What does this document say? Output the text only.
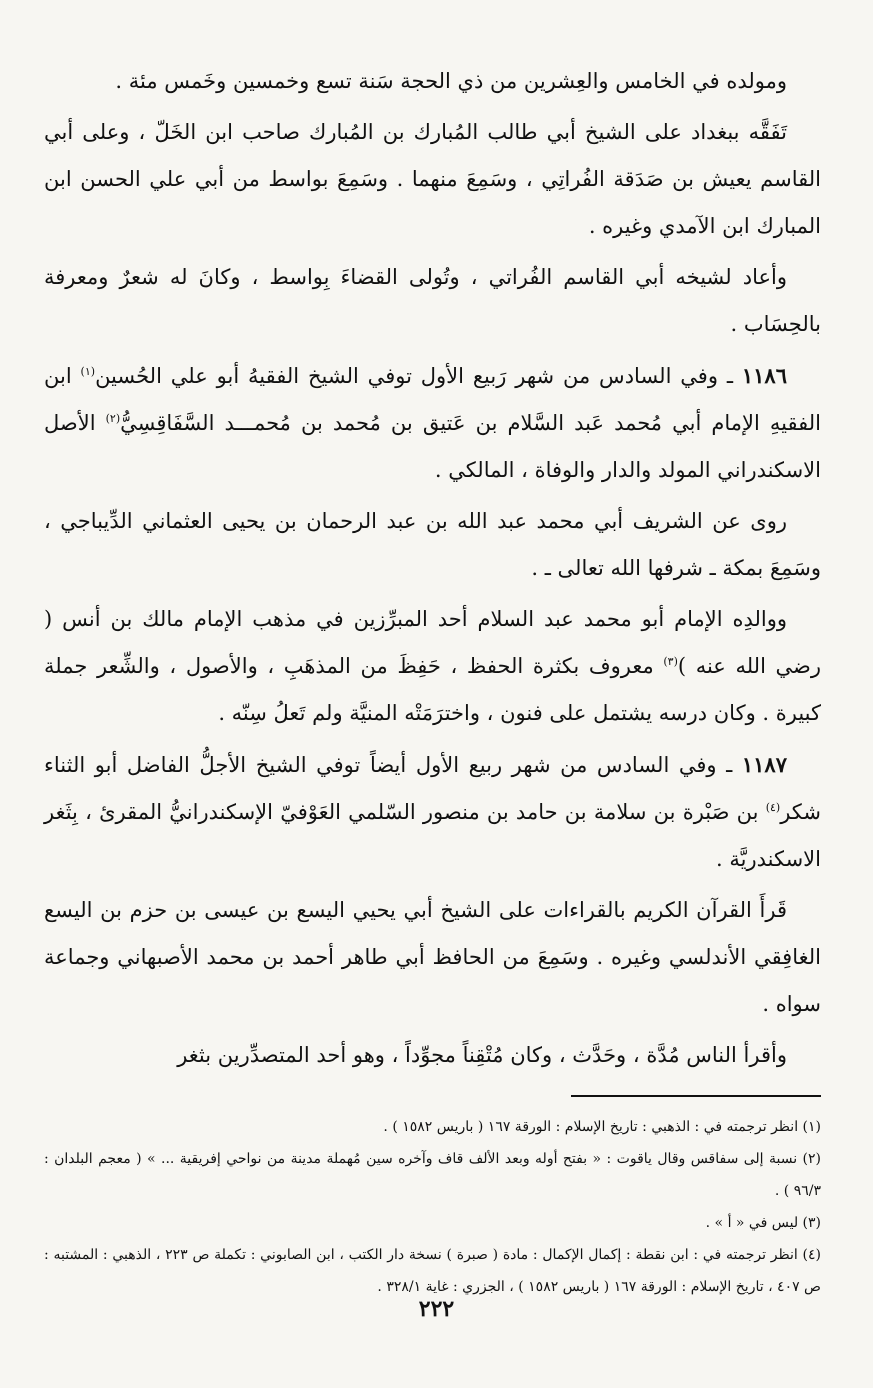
ومولده في الخامس والعِشرين من ذي الحجة سَنة تسع وخمسين وخَمس مئة .

تَفَقَّه ببغداد على الشيخ أبي طالب المُبارك بن المُبارك صاحب ابن الخَلّ ، وعلى أبي القاسم يعيش بن صَدَقة الفُراتِي ، وسَمِعَ منهما . وسَمِعَ بواسط من أبي علي الحسن ابن المبارك ابن الآمدي وغيره .

وأعاد لشيخه أبي القاسم الفُراتي ، وتُولى القضاءَ بِواسط ، وكانَ له شعرٌ ومعرفة بالحِسَاب .

١١٨٦ ـ وفي السادس من شهر رَبيع الأول توفي الشيخ الفقيهُ أبو علي الحُسين$^{(١)}$ ابن الفقيهِ الإمام أبي مُحمد عَبد السَّلام بن عَتيق بن مُحمد بن مُحمـــد السَّفَاقِسِيُّ$^{(٢)}$ الأصل الاسكندراني المولد والدار والوفاة ، المالكي .

روى عن الشريف أبي محمد عبد الله بن عبد الرحمان بن يحيى العثماني الدِّيباجي ، وسَمِعَ بمكة ـ شرفها الله تعالى ـ .

ووالدِه الإمام أبو محمد عبد السلام أحد المبرِّزين في مذهب الإمام مالك بن أنس ( رضي الله عنه )$^{(٣)}$ معروف بكثرة الحفظ ، حَفِظَ من المذهَبِ ، والأصول ، والشِّعر جملة كبيرة . وكان درسه يشتمل على فنون ، واخترَمَتْه المنيَّة ولم تَعلُ سِنّه .

١١٨٧ ـ وفي السادس من شهر ربيع الأول أيضاً توفي الشيخ الأجلُّ الفاضل أبو الثناء شكر$^{(٤)}$ بن صَبْرة بن سلامة بن حامد بن منصور السّلمي العَوْفيّ الإسكندرانيُّ المقرئ ، بِثَغر الاسكندريَّة .

قَرأَ القرآن الكريم بالقراءات على الشيخ أبي يحيي اليسع بن عيسى بن حزم بن اليسع الغافِقي الأندلسي وغيره . وسَمِعَ من الحافظ أبي طاهر أحمد بن محمد الأصبهاني وجماعة سواه .

وأقرأ الناس مُدَّة ، وحَدَّث ، وكان مُتْقِناً مجوِّداً ، وهو أحد المتصدِّرين بثغر

(١) انظر ترجمته في : الذهبي : تاريخ الإسلام : الورقة ١٦٧ ( باريس ١٥٨٢ ) .

(٢) نسبة إلى سفاقس وقال ياقوت : « بفتح أوله وبعد الألف قاف وآخره سين مُهملة مدينة من نواحي إفريقية ... » ( معجم البلدان : ٩٦/٣ ) .

(٣) ليس في « أ » .

(٤) انظر ترجمته في : ابن نقطة : إكمال الإكمال : مادة ( صبرة ) نسخة دار الكتب ، ابن الصابوني : تكملة ص ٢٢٣ ، الذهبي : المشتبه : ص ٤٠٧ ، تاريخ الإسلام : الورقة ١٦٧ ( باريس ١٥٨٢ ) ، الجزري : غاية ٣٢٨/١ .

٢٢٢
